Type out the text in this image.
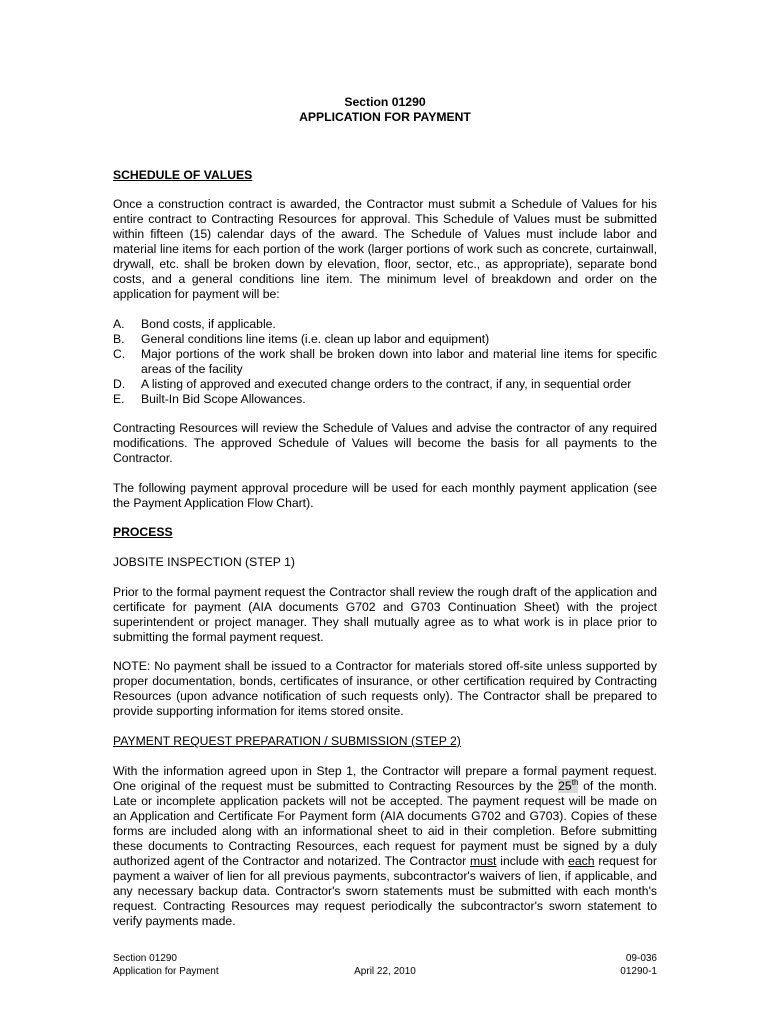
Section 01290
APPLICATION FOR PAYMENT
SCHEDULE OF VALUES
Once a construction contract is awarded, the Contractor must submit a Schedule of Values for his entire contract to Contracting Resources for approval. This Schedule of Values must be submitted within fifteen (15) calendar days of the award. The Schedule of Values must include labor and material line items for each portion of the work (larger portions of work such as concrete, curtainwall, drywall, etc. shall be broken down by elevation, floor, sector, etc., as appropriate), separate bond costs, and a general conditions line item. The minimum level of breakdown and order on the application for payment will be:
A.	Bond costs, if applicable.
B.	General conditions line items (i.e. clean up labor and equipment)
C.	Major portions of the work shall be broken down into labor and material line items for specific areas of the facility
D.	A listing of approved and executed change orders to the contract, if any, in sequential order
E.	Built-In Bid Scope Allowances.
Contracting Resources will review the Schedule of Values and advise the contractor of any required modifications. The approved Schedule of Values will become the basis for all payments to the Contractor.
The following payment approval procedure will be used for each monthly payment application (see the Payment Application Flow Chart).
PROCESS
JOBSITE INSPECTION (STEP 1)
Prior to the formal payment request the Contractor shall review the rough draft of the application and certificate for payment (AIA documents G702 and G703 Continuation Sheet) with the project superintendent or project manager. They shall mutually agree as to what work is in place prior to submitting the formal payment request.
NOTE: No payment shall be issued to a Contractor for materials stored off-site unless supported by proper documentation, bonds, certificates of insurance, or other certification required by Contracting Resources (upon advance notification of such requests only). The Contractor shall be prepared to provide supporting information for items stored onsite.
PAYMENT REQUEST PREPARATION / SUBMISSION (STEP 2)
With the information agreed upon in Step 1, the Contractor will prepare a formal payment request. One original of the request must be submitted to Contracting Resources by the 25th of the month. Late or incomplete application packets will not be accepted. The payment request will be made on an Application and Certificate For Payment form (AIA documents G702 and G703). Copies of these forms are included along with an informational sheet to aid in their completion. Before submitting these documents to Contracting Resources, each request for payment must be signed by a duly authorized agent of the Contractor and notarized. The Contractor must include with each request for payment a waiver of lien for all previous payments, subcontractor's waivers of lien, if applicable, and any necessary backup data. Contractor's sworn statements must be submitted with each month's request. Contracting Resources may request periodically the subcontractor's sworn statement to verify payments made.
Section 01290
Application for Payment	April 22, 2010
09-036
01290-1
